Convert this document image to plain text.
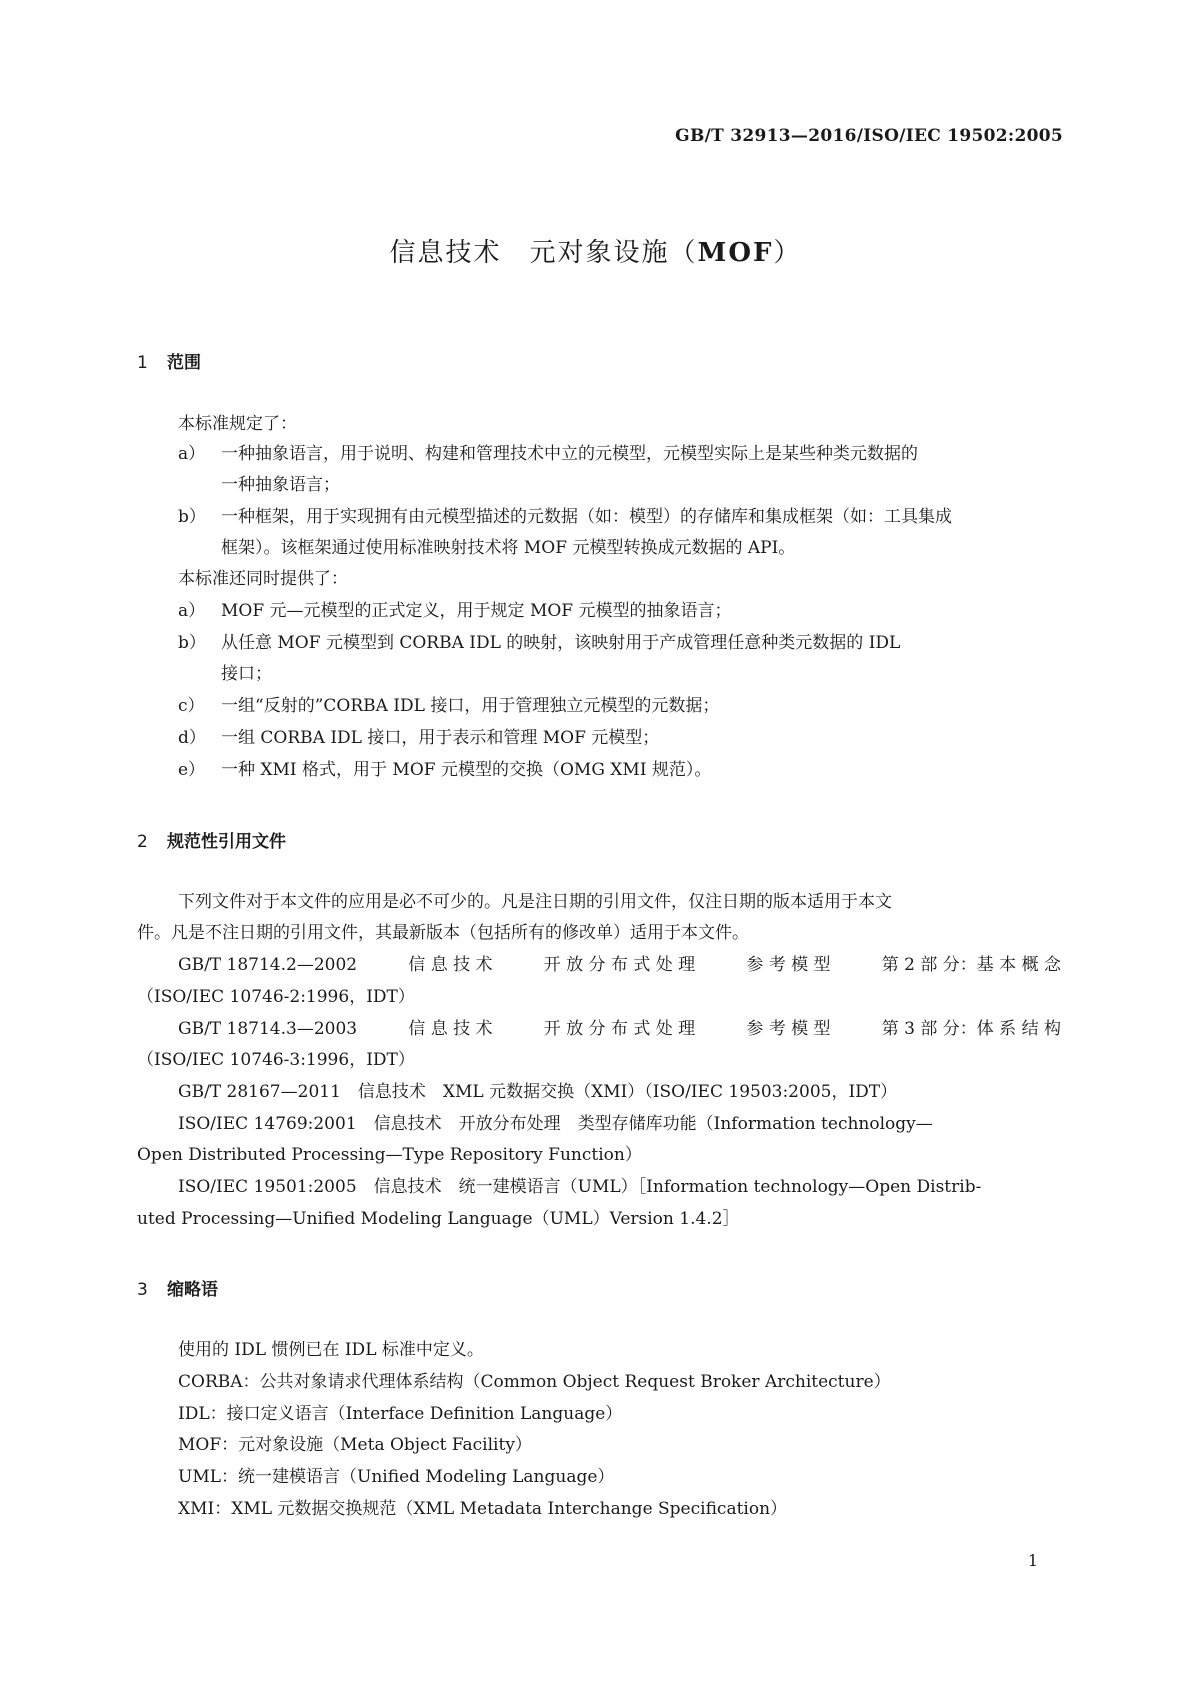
GB/T 32913—2016/ISO/IEC 19502:2005
信息技术　元对象设施（MOF）
1 范围
本标准规定了：
a） 一种抽象语言，用于说明、构建和管理技术中立的元模型，元模型实际上是某些种类元数据的
一种抽象语言；
b） 一种框架，用于实现拥有由元模型描述的元数据（如：模型）的存储库和集成框架（如：工具集成
框架）。该框架通过使用标准映射技术将 MOF 元模型转换成元数据的 API。
本标准还同时提供了：
a） MOF 元—元模型的正式定义，用于规定 MOF 元模型的抽象语言；
b） 从任意 MOF 元模型到 CORBA IDL 的映射，该映射用于产成管理任意种类元数据的 IDL
接口；
c） 一组“反射的”CORBA IDL 接口，用于管理独立元模型的元数据；
d） 一组 CORBA IDL 接口，用于表示和管理 MOF 元模型；
e） 一种 XMI 格式，用于 MOF 元模型的交换（OMG XMI 规范）。
2 规范性引用文件
下列文件对于本文件的应用是必不可少的。凡是注日期的引用文件，仅注日期的版本适用于本文
件。凡是不注日期的引用文件，其最新版本（包括所有的修改单）适用于本文件。
GB/T 18714.2—2002	信 息 技 术	开 放 分 布 式 处 理	参 考 模 型	第 2 部 分：基 本 概 念
（ISO/IEC 10746-2:1996，IDT）
GB/T 18714.3—2003	信 息 技 术	开 放 分 布 式 处 理	参 考 模 型	第 3 部 分：体 系 结 构
（ISO/IEC 10746-3:1996，IDT）
GB/T 28167—2011　信息技术　XML 元数据交换（XMI）（ISO/IEC 19503:2005，IDT）
ISO/IEC 14769:2001　信息技术　开放分布处理　类型存储库功能（Information technology—
Open Distributed Processing—Type Repository Function）
ISO/IEC 19501:2005　信息技术　统一建模语言（UML）［Information technology—Open Distrib-
uted Processing—Unified Modeling Language（UML）Version 1.4.2］
3 缩略语
使用的 IDL 惯例已在 IDL 标准中定义。
CORBA：公共对象请求代理体系结构（Common Object Request Broker Architecture）
IDL：接口定义语言（Interface Definition Language）
MOF：元对象设施（Meta Object Facility）
UML：统一建模语言（Unified Modeling Language）
XMI：XML 元数据交换规范（XML Metadata Interchange Specification）
1
